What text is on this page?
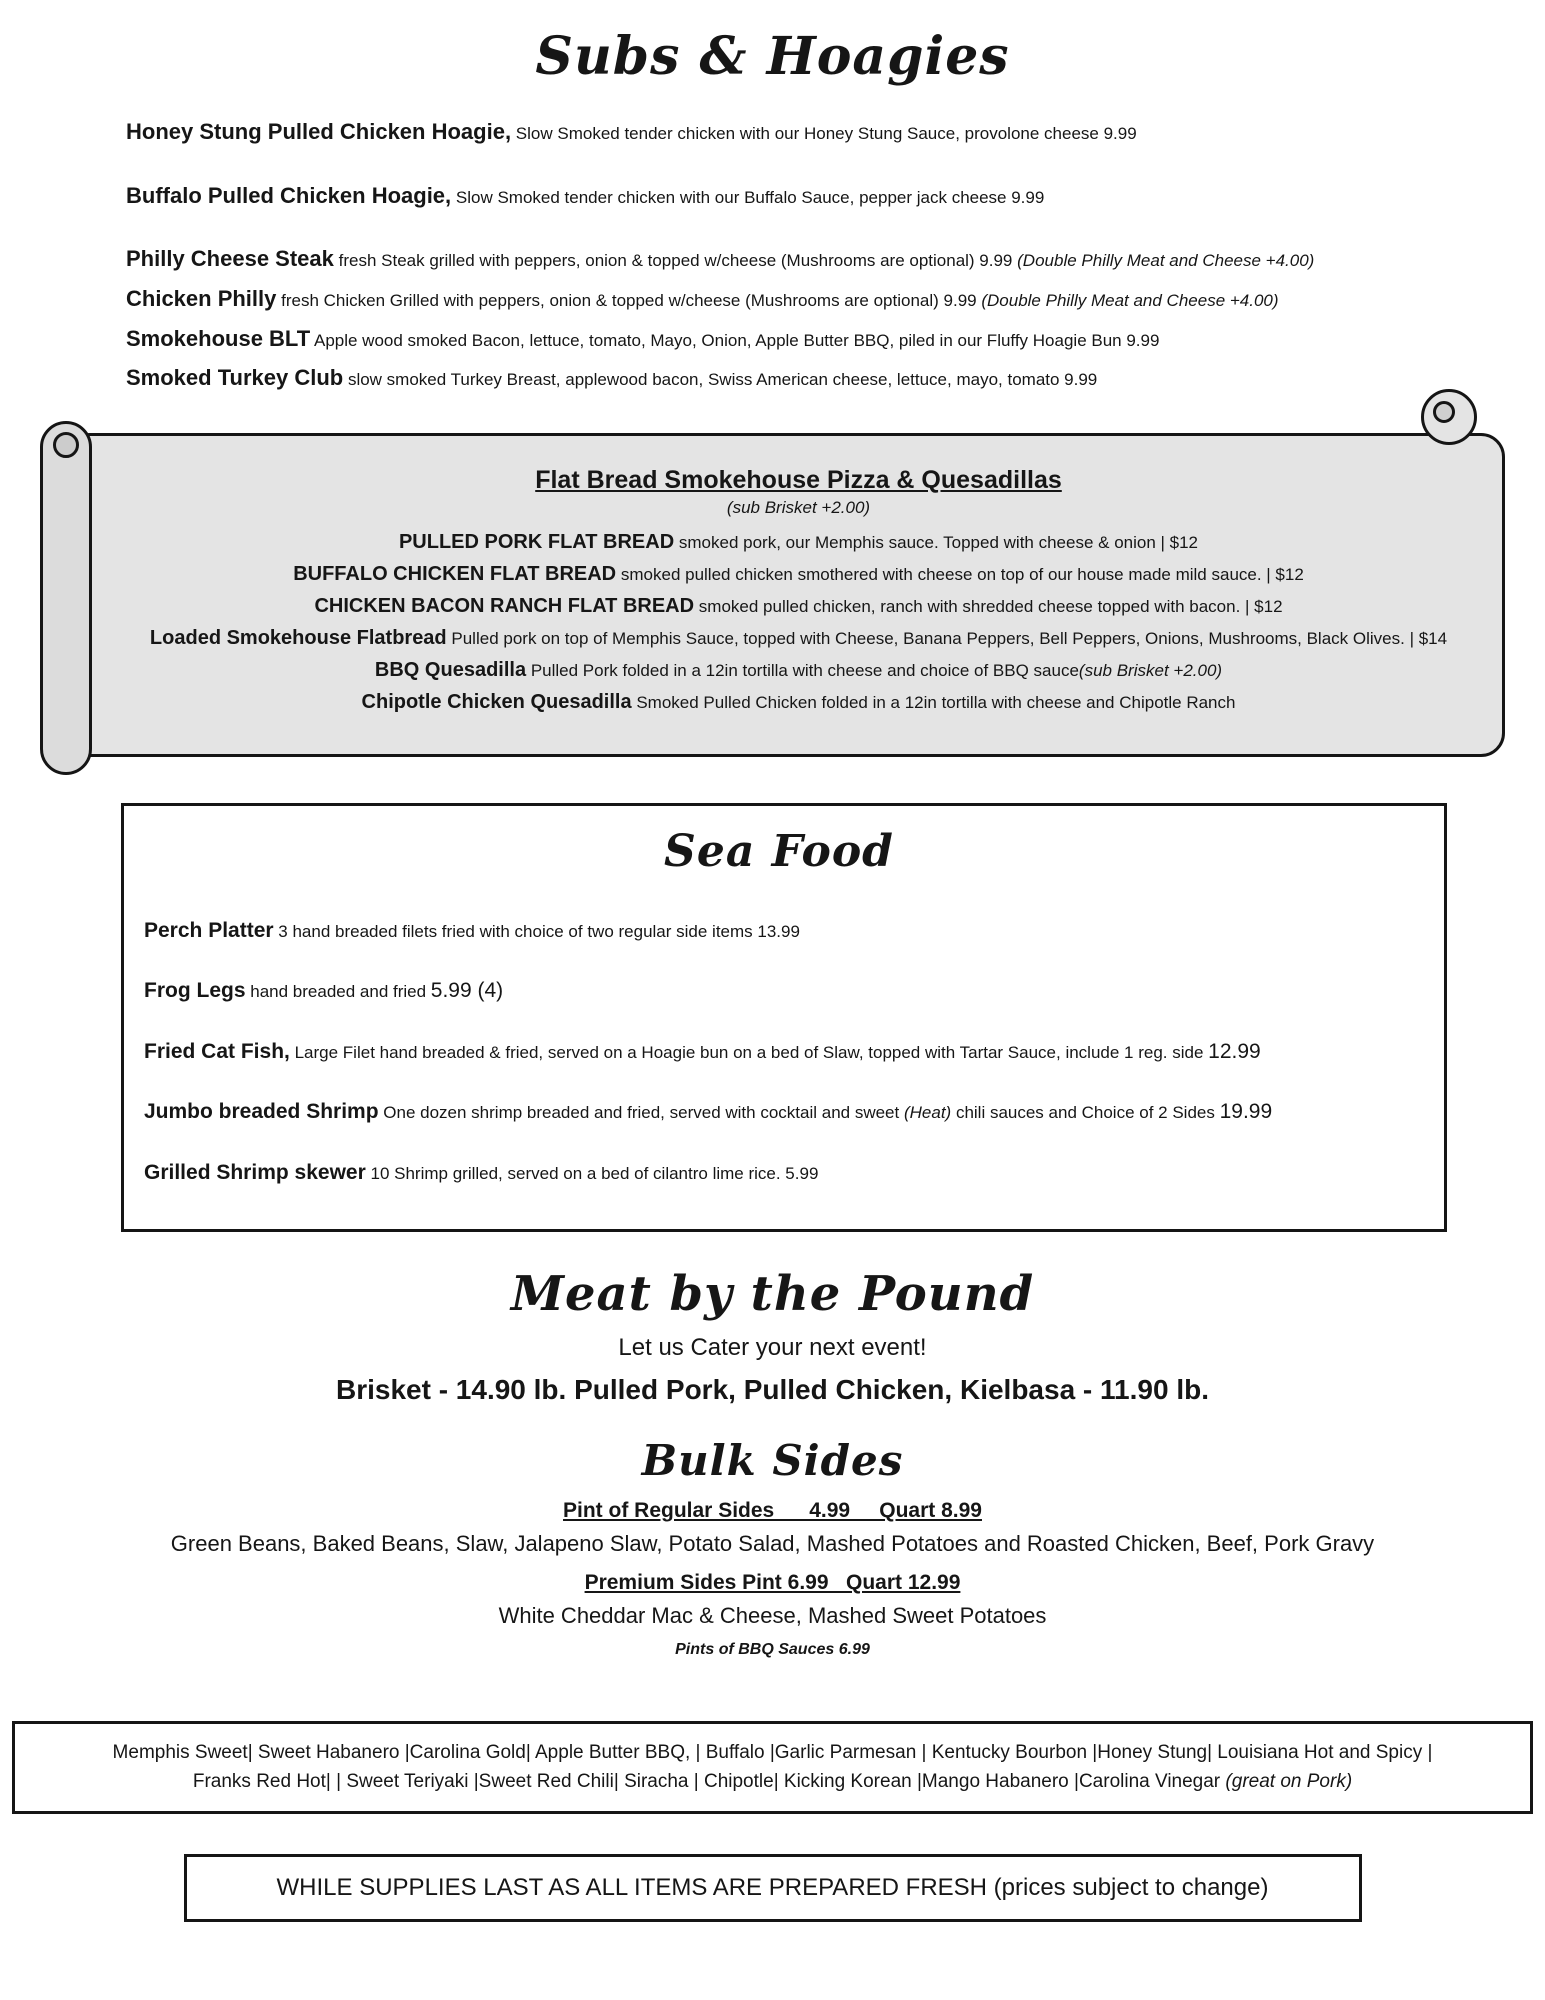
Subs & Hoagies

Honey Stung Pulled Chicken Hoagie, Slow Smoked tender chicken with our Honey Stung Sauce, provolone cheese 9.99

Buffalo Pulled Chicken Hoagie, Slow Smoked tender chicken with our Buffalo Sauce, pepper jack cheese 9.99

Philly Cheese Steak fresh Steak grilled with peppers, onion & topped w/cheese (Mushrooms are optional) 9.99 (Double Philly Meat and Cheese +4.00)

Chicken Philly fresh Chicken Grilled with peppers, onion & topped w/cheese (Mushrooms are optional) 9.99 (Double Philly Meat and Cheese +4.00)

Smokehouse BLT Apple wood smoked Bacon, lettuce, tomato, Mayo, Onion, Apple Butter BBQ, piled in our Fluffy Hoagie Bun 9.99

Smoked Turkey Club slow smoked Turkey Breast, applewood bacon, Swiss American cheese, lettuce, mayo, tomato 9.99

Flat Bread Smokehouse Pizza & Quesadillas
(sub Brisket +2.00)

PULLED PORK FLAT BREAD smoked pork, our Memphis sauce. Topped with cheese & onion | $12

BUFFALO CHICKEN FLAT BREAD smoked pulled chicken smothered with cheese on top of our house made mild sauce. | $12

CHICKEN BACON RANCH FLAT BREAD smoked pulled chicken, ranch with shredded cheese topped with bacon. | $12

Loaded Smokehouse Flatbread Pulled pork on top of Memphis Sauce, topped with Cheese, Banana Peppers, Bell Peppers, Onions, Mushrooms, Black Olives. | $14

BBQ Quesadilla Pulled Pork folded in a 12in tortilla with cheese and choice of BBQ sauce(sub Brisket +2.00)

Chipotle Chicken Quesadilla Smoked Pulled Chicken folded in a 12in tortilla with cheese and Chipotle Ranch

Sea Food

Perch Platter 3 hand breaded filets fried with choice of two regular side items 13.99

Frog Legs hand breaded and fried 5.99 (4)

Fried Cat Fish, Large Filet hand breaded & fried, served on a Hoagie bun on a bed of Slaw, topped with Tartar Sauce, include 1 reg. side 12.99

Jumbo breaded Shrimp One dozen shrimp breaded and fried, served with cocktail and sweet (Heat) chili sauces and Choice of 2 Sides 19.99

Grilled Shrimp skewer 10 Shrimp grilled, served on a bed of cilantro lime rice. 5.99

Meat by the Pound

Let us Cater your next event!

Brisket - 14.90 lb. Pulled Pork, Pulled Chicken, Kielbasa - 11.90 lb.

Bulk Sides

Pint of Regular Sides      4.99     Quart 8.99

Green Beans, Baked Beans, Slaw, Jalapeno Slaw, Potato Salad, Mashed Potatoes and Roasted Chicken, Beef, Pork Gravy

Premium Sides Pint 6.99   Quart 12.99

White Cheddar Mac & Cheese, Mashed Sweet Potatoes

Pints of BBQ Sauces 6.99

Memphis Sweet| Sweet Habanero |Carolina Gold| Apple Butter BBQ, | Buffalo |Garlic Parmesan | Kentucky Bourbon |Honey Stung| Louisiana Hot and Spicy |
Franks Red Hot| | Sweet Teriyaki |Sweet Red Chili| Siracha | Chipotle| Kicking Korean |Mango Habanero |Carolina Vinegar (great on Pork)
WHILE SUPPLIES LAST AS ALL ITEMS ARE PREPARED FRESH (prices subject to change)
